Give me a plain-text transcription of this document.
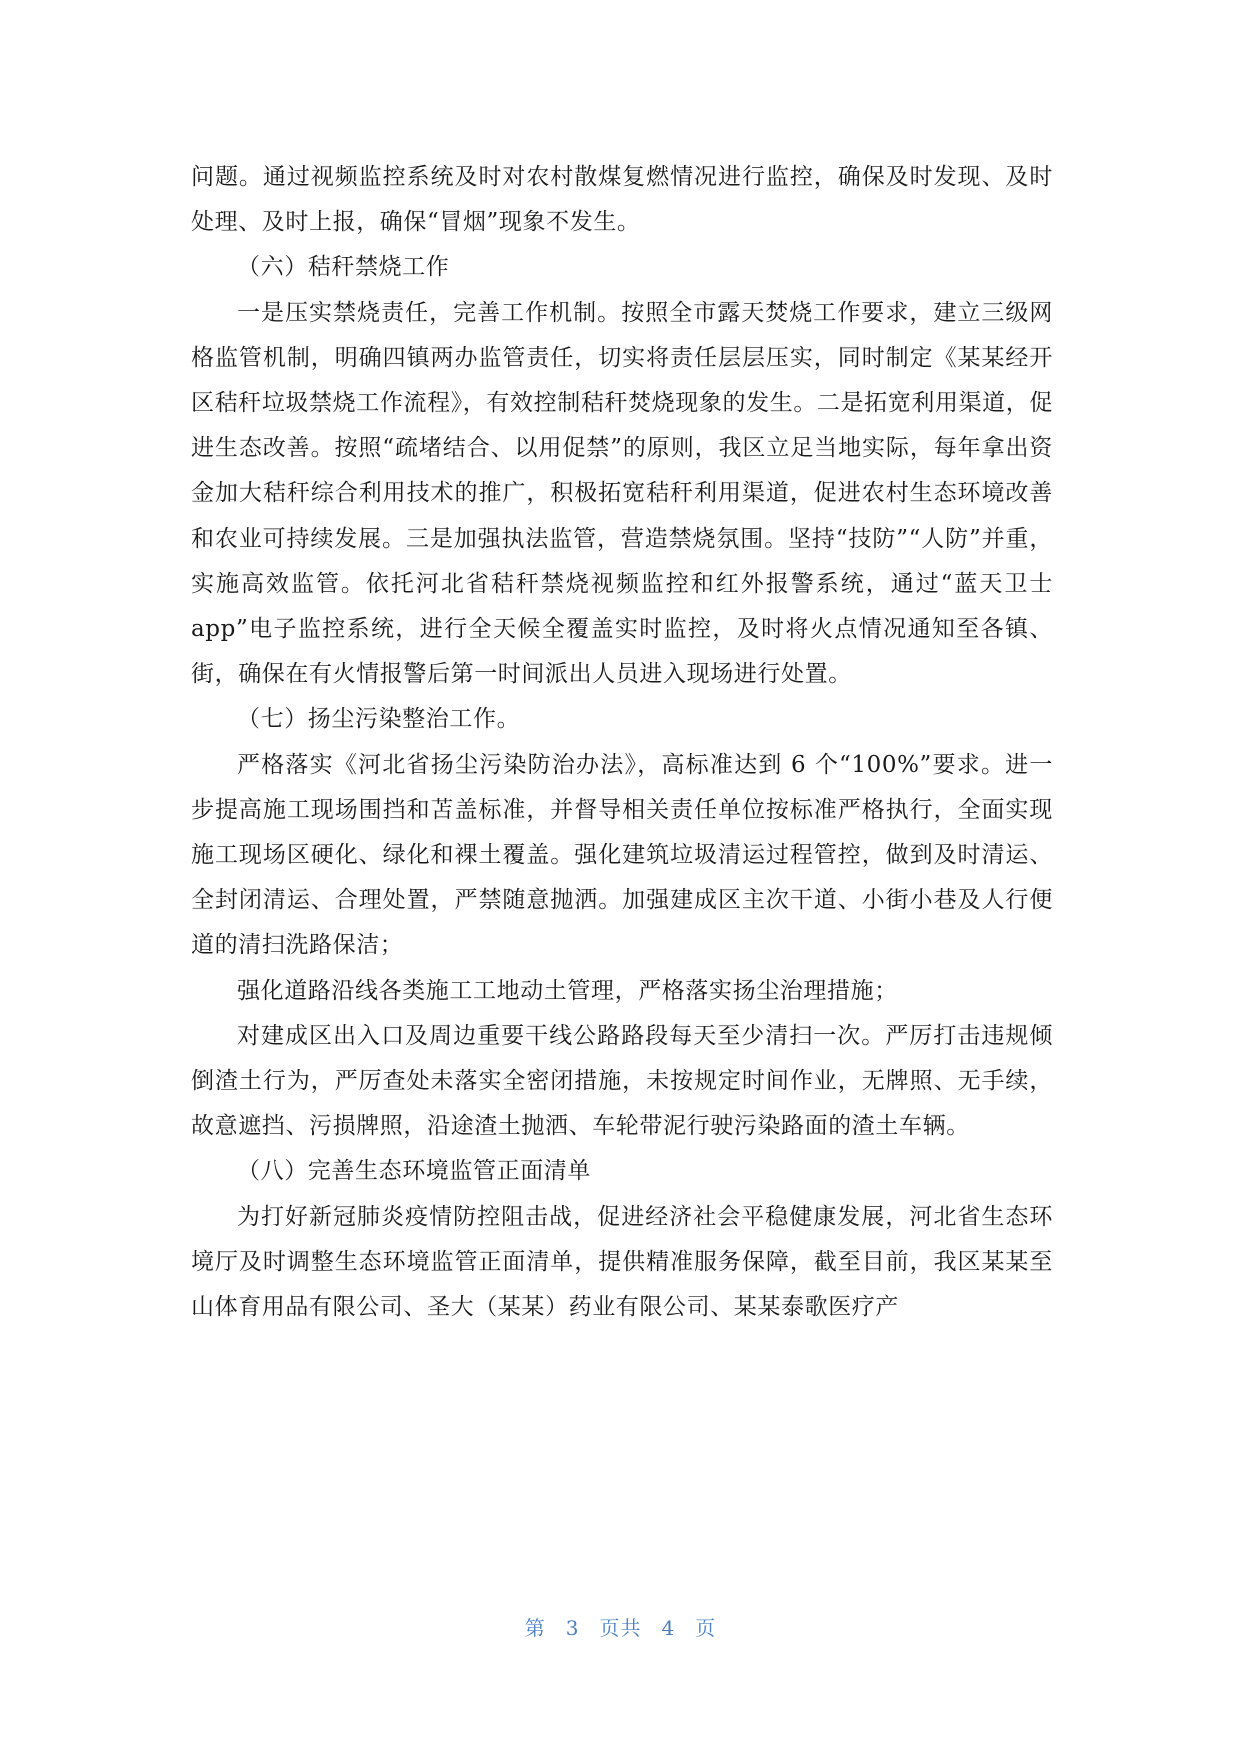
问题。通过视频监控系统及时对农村散煤复燃情况进行监控，确保及时发现、及时处理、及时上报，确保“冒烟”现象不发生。

（六）秸秆禁烧工作

一是压实禁烧责任，完善工作机制。按照全市露天焚烧工作要求，建立三级网格监管机制，明确四镇两办监管责任，切实将责任层层压实，同时制定《某某经开区秸秆垃圾禁烧工作流程》，有效控制秸秆焚烧现象的发生。二是拓宽利用渠道，促进生态改善。按照“疏堵结合、以用促禁”的原则，我区立足当地实际，每年拿出资金加大秸秆综合利用技术的推广，积极拓宽秸秆利用渠道，促进农村生态环境改善和农业可持续发展。三是加强执法监管，营造禁烧氛围。坚持“技防”“人防”并重，实施高效监管。依托河北省秸秆禁烧视频监控和红外报警系统，通过“蓝天卫士 app”电子监控系统，进行全天候全覆盖实时监控，及时将火点情况通知至各镇、街，确保在有火情报警后第一时间派出人员进入现场进行处置。

（七）扬尘污染整治工作。

严格落实《河北省扬尘污染防治办法》，高标准达到 6 个“100%”要求。进一步提高施工现场围挡和苫盖标准，并督导相关责任单位按标准严格执行，全面实现施工现场区硬化、绿化和裸土覆盖。强化建筑垃圾清运过程管控，做到及时清运、全封闭清运、合理处置，严禁随意抛洒。加强建成区主次干道、小街小巷及人行便道的清扫洗路保洁；

强化道路沿线各类施工工地动土管理，严格落实扬尘治理措施；

对建成区出入口及周边重要干线公路路段每天至少清扫一次。严厉打击违规倾倒渣土行为，严厉查处未落实全密闭措施，未按规定时间作业，无牌照、无手续，故意遮挡、污损牌照，沿途渣土抛洒、车轮带泥行驶污染路面的渣土车辆。

（八）完善生态环境监管正面清单

为打好新冠肺炎疫情防控阻击战，促进经济社会平稳健康发展，河北省生态环境厅及时调整生态环境监管正面清单，提供精准服务保障，截至目前，我区某某至山体育用品有限公司、圣大（某某）药业有限公司、某某泰歌医疗产

第 3 页共 4 页
